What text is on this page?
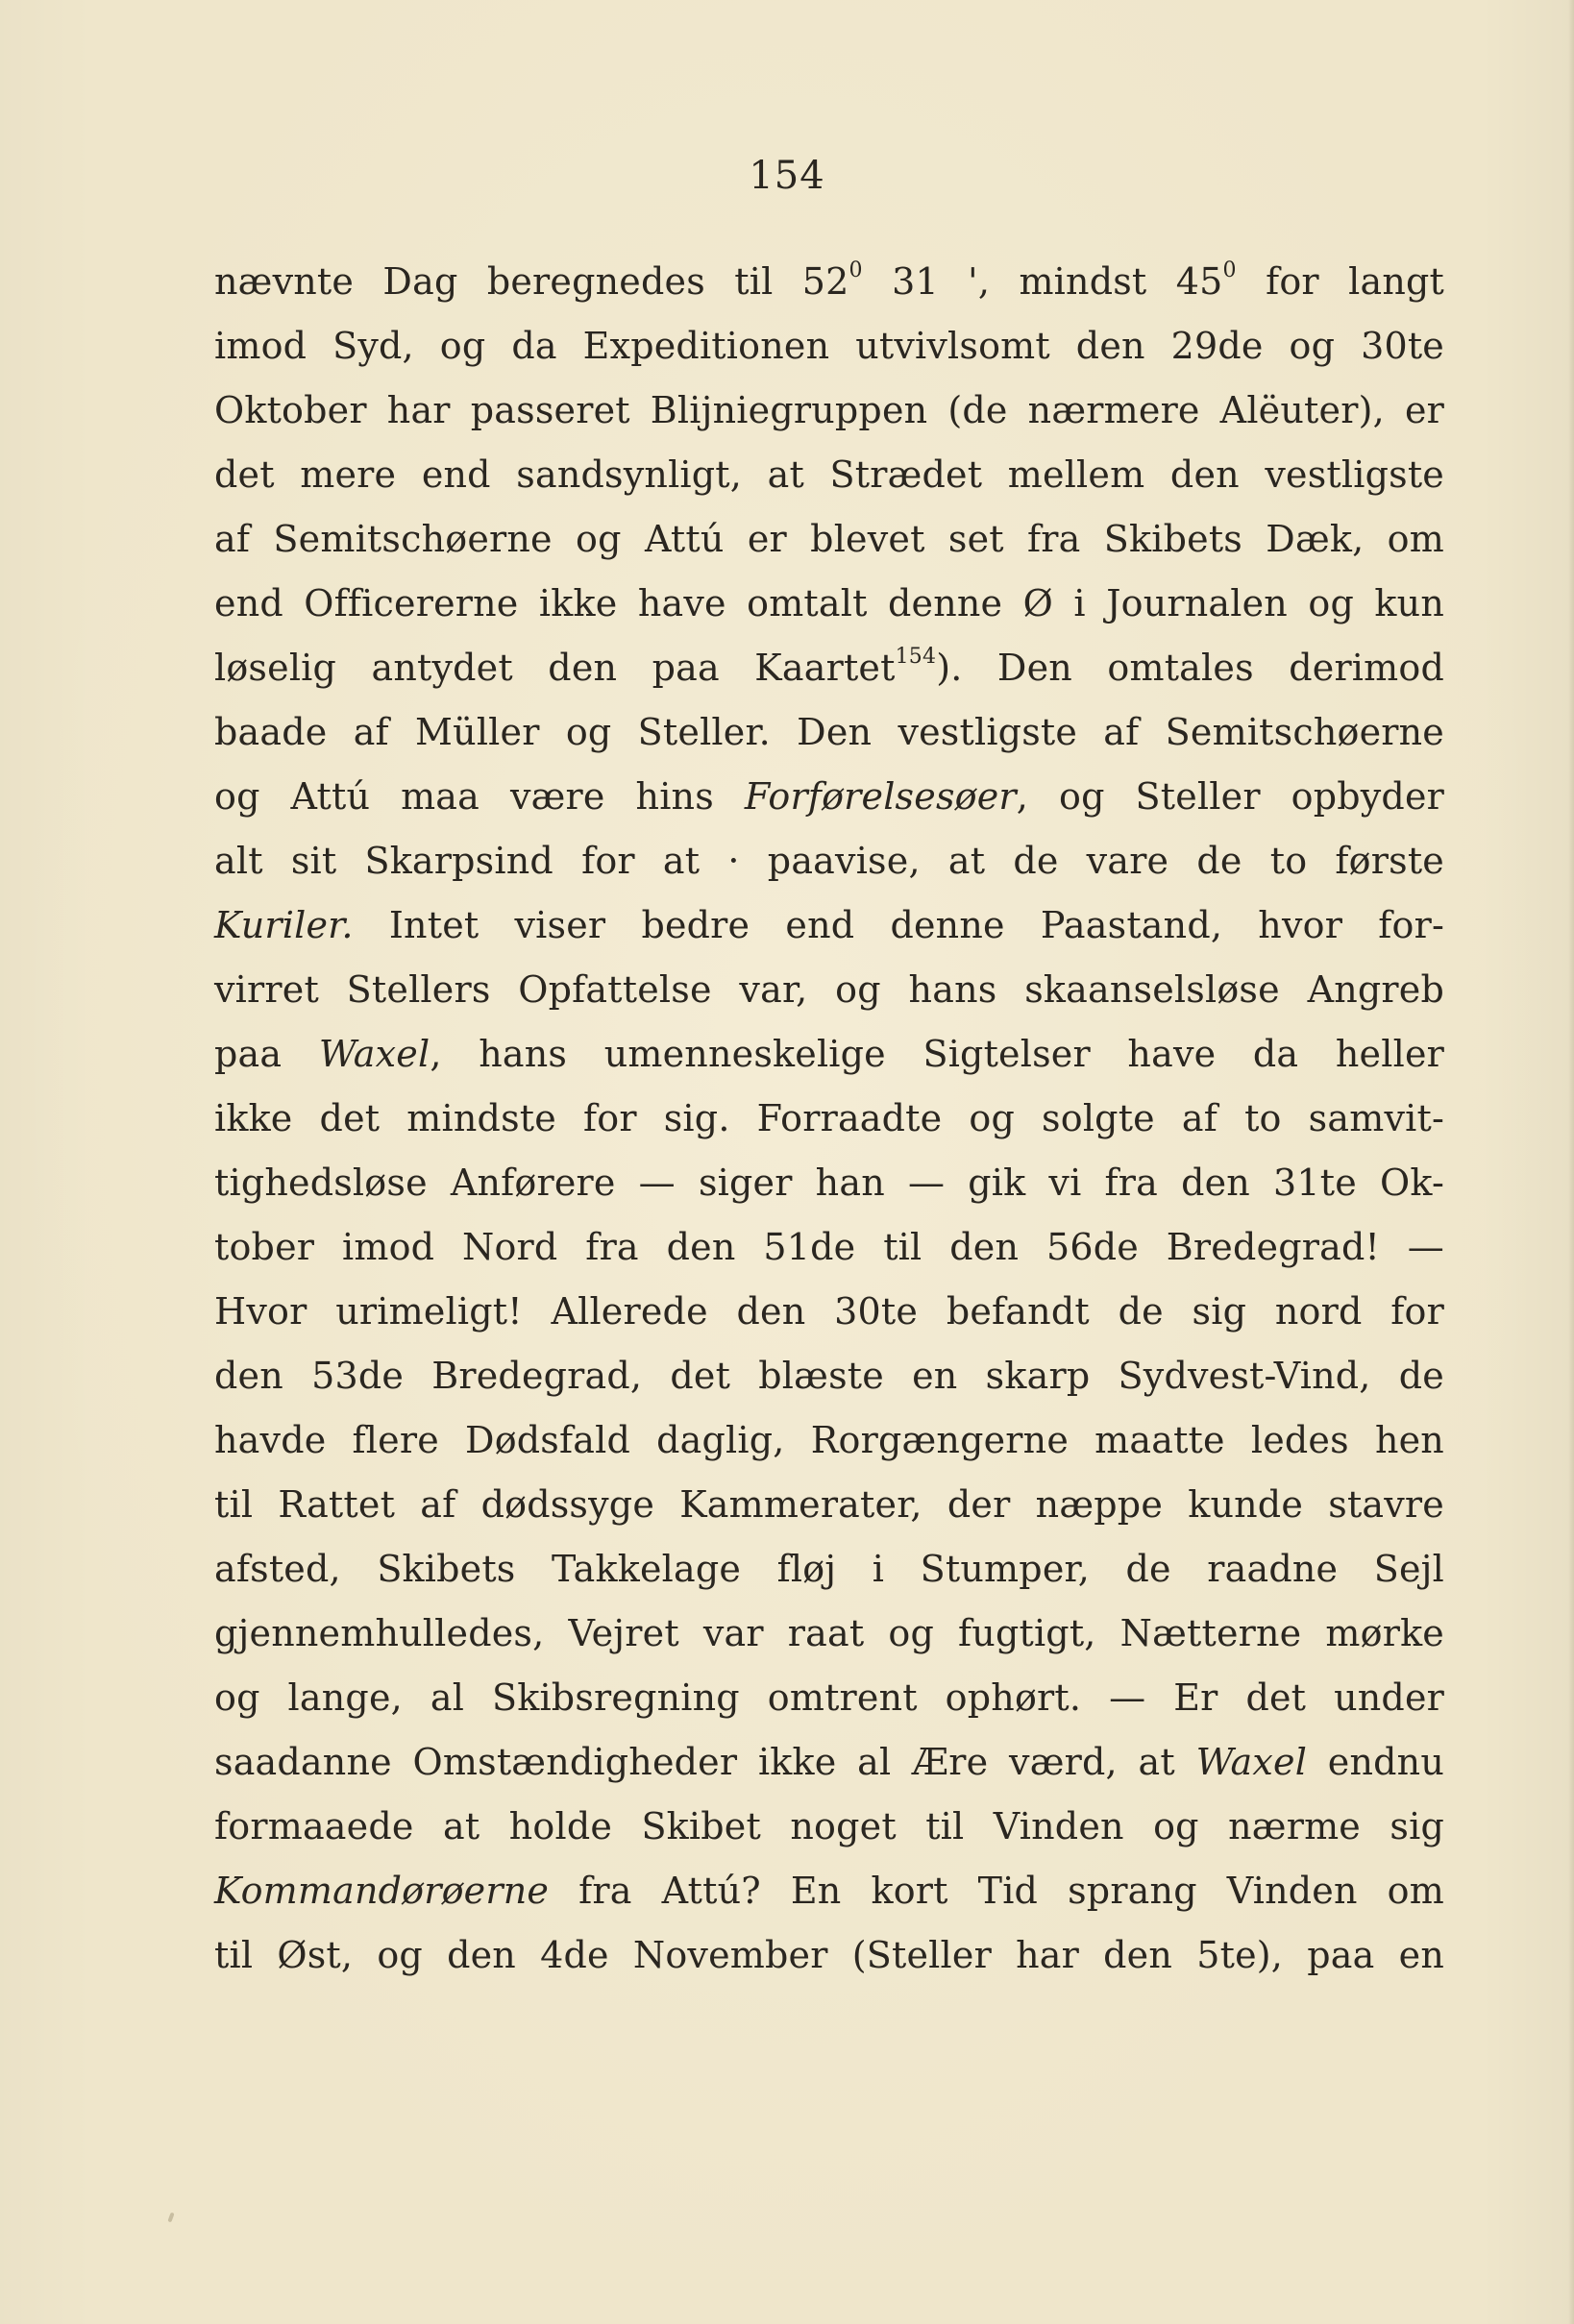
154
nævnte Dag beregnedes til $52^0$ 31 ', mindst $45^0$ for langt
imod Syd, og da Expeditionen utvivlsomt den 29de og 30te
Oktober har passeret Blijniegruppen (de nærmere Alëuter), er
det mere end sandsynligt, at Strædet mellem den vestligste
af Semitschøerne og Attú er blevet set fra Skibets Dæk, om
end Officererne ikke have omtalt denne Ø i Journalen og kun
løselig antydet den paa Kaartet$^{154}$). Den omtales derimod
baade af Müller og Steller. Den vestligste af Semitschøerne
og Attú maa være hins Forførelsesøer, og Steller opbyder
alt sit Skarpsind for at · paavise, at de vare de to første
Kuriler. Intet viser bedre end denne Paastand, hvor for-
virret Stellers Opfattelse var, og hans skaanselsløse Angreb
paa Waxel, hans umenneskelige Sigtelser have da heller
ikke det mindste for sig. Forraadte og solgte af to samvit-
tighedsløse Anførere — siger han — gik vi fra den 31te Ok-
tober imod Nord fra den 51de til den 56de Bredegrad! —
Hvor urimeligt! Allerede den 30te befandt de sig nord for
den 53de Bredegrad, det blæste en skarp Sydvest-Vind, de
havde flere Dødsfald daglig, Rorgængerne maatte ledes hen
til Rattet af dødssyge Kammerater, der næppe kunde stavre
afsted, Skibets Takkelage fløj i Stumper, de raadne Sejl
gjennemhulledes, Vejret var raat og fugtigt, Nætterne mørke
og lange, al Skibsregning omtrent ophørt. — Er det under
saadanne Omstændigheder ikke al Ære værd, at Waxel endnu
formaaede at holde Skibet noget til Vinden og nærme sig
Kommandørøerne fra Attú? En kort Tid sprang Vinden om
til Øst, og den 4de November (Steller har den 5te), paa en
